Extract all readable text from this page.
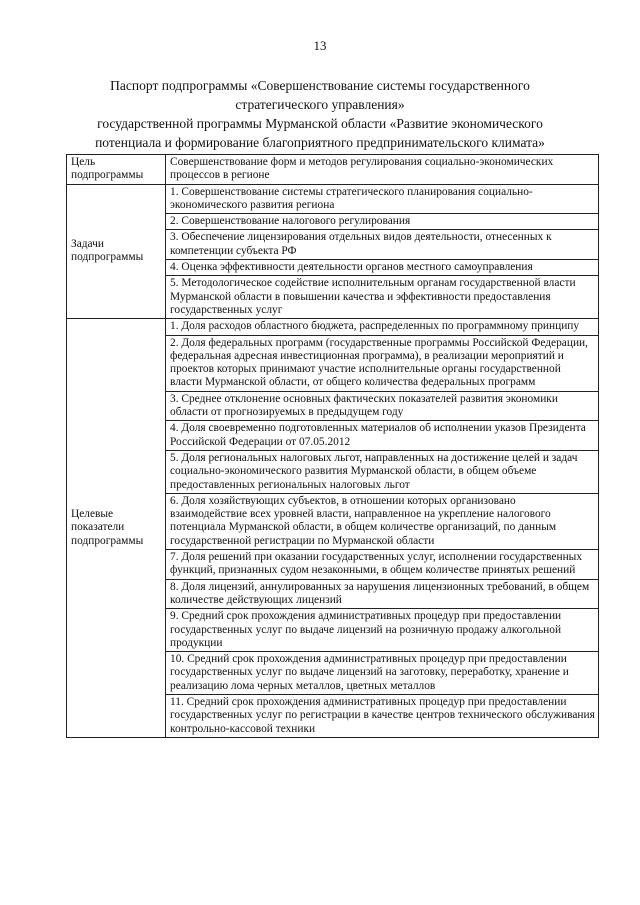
13
Паспорт подпрограммы «Совершенствование системы государственного
стратегического управления»
государственной программы Мурманской области «Развитие экономического
потенциала и формирование благоприятного предпринимательского климата»
Цель подпрограммы	Совершенствование форм и методов регулирования социально-экономических процессов в регионе
Задачи подпрограммы	1. Совершенствование системы стратегического планирования социально-экономического развития региона
	2. Совершенствование налогового регулирования
	3. Обеспечение лицензирования отдельных видов деятельности, отнесенных к компетенции субъекта РФ
	4. Оценка эффективности деятельности органов местного самоуправления
	5. Методологическое содействие исполнительным органам государственной власти Мурманской области в повышении качества и эффективности предоставления государственных услуг
Целевые показатели подпрограммы	1. Доля расходов областного бюджета, распределенных по программному принципу
	2. Доля федеральных программ (государственные программы Российской Федерации, федеральная адресная инвестиционная программа), в реализации мероприятий и проектов которых принимают участие исполнительные органы государственной власти Мурманской области, от общего количества федеральных программ
	3. Среднее отклонение основных фактических показателей развития экономики области от прогнозируемых в предыдущем году
	4. Доля своевременно подготовленных материалов об исполнении указов Президента Российской Федерации от 07.05.2012
	5. Доля региональных налоговых льгот, направленных на достижение целей и задач социально-экономического развития Мурманской области, в общем объеме предоставленных региональных налоговых льгот
	6. Доля хозяйствующих субъектов, в отношении которых организовано взаимодействие всех уровней власти, направленное на укрепление налогового потенциала Мурманской области, в общем количестве организаций, по данным государственной регистрации по Мурманской области
	7. Доля решений при оказании государственных услуг, исполнении государственных функций, признанных судом незаконными, в общем количестве принятых решений
	8. Доля лицензий, аннулированных за нарушения лицензионных требований, в общем количестве действующих лицензий
	9. Средний срок прохождения административных процедур при предоставлении государственных услуг по выдаче лицензий на розничную продажу алкогольной продукции
	10. Средний срок прохождения административных процедур при предоставлении государственных услуг по выдаче лицензий на заготовку, переработку, хранение и реализацию лома черных металлов, цветных металлов
	11. Средний срок прохождения административных процедур при предоставлении государственных услуг по регистрации в качестве центров технического обслуживания контрольно-кассовой техники
